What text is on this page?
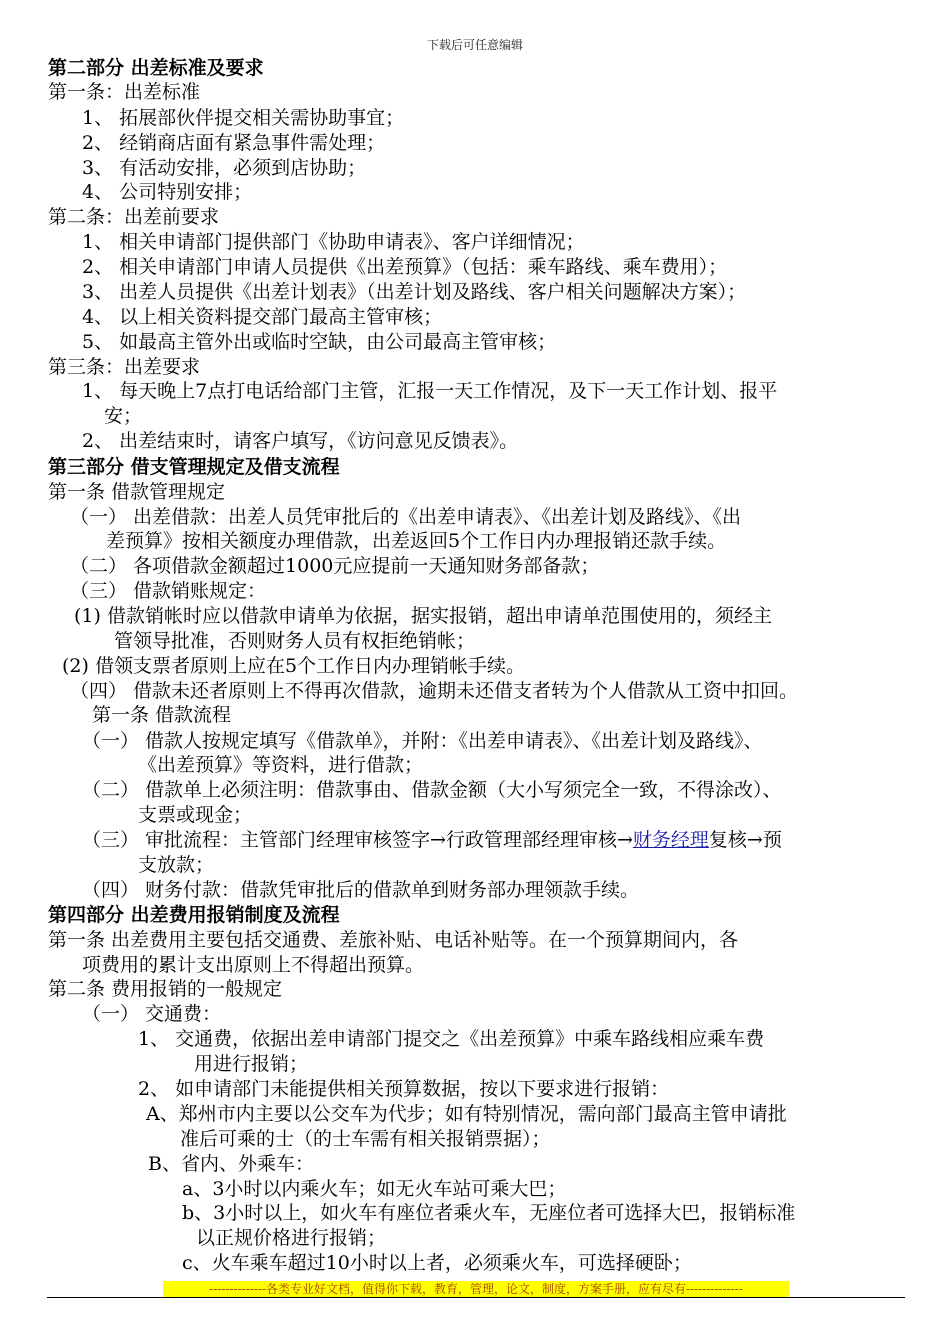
下载后可任意编辑
第二部分 出差标准及要求
第一条：出差标准
1、 拓展部伙伴提交相关需协助事宜；
2、 经销商店面有紧急事件需处理；
3、 有活动安排，必须到店协助；
4、 公司特别安排；
第二条：出差前要求
1、 相关申请部门提供部门《协助申请表》、客户详细情况；
2、 相关申请部门申请人员提供《出差预算》（包括：乘车路线、乘车费用）；
3、 出差人员提供《出差计划表》（出差计划及路线、客户相关问题解决方案）；
4、 以上相关资料提交部门最高主管审核；
5、 如最高主管外出或临时空缺，由公司最高主管审核；
第三条：出差要求
1、 每天晚上7点打电话给部门主管，汇报一天工作情况，及下一天工作计划、报平
安；
2、 出差结束时，请客户填写，《访问意见反馈表》。
第三部分 借支管理规定及借支流程
第一条 借款管理规定
（一） 出差借款：出差人员凭审批后的《出差申请表》、《出差计划及路线》、《出
差预算》按相关额度办理借款，出差返回5个工作日内办理报销还款手续。
（二） 各项借款金额超过1000元应提前一天通知财务部备款；
（三） 借款销账规定：
(1) 借款销帐时应以借款申请单为依据，据实报销，超出申请单范围使用的，须经主
管领导批准，否则财务人员有权拒绝销帐；
(2) 借领支票者原则上应在5个工作日内办理销帐手续。
（四） 借款未还者原则上不得再次借款，逾期未还借支者转为个人借款从工资中扣回。
第一条 借款流程
（一） 借款人按规定填写《借款单》，并附：《出差申请表》、《出差计划及路线》、
《出差预算》等资料，进行借款；
（二） 借款单上必须注明：借款事由、借款金额（大小写须完全一致，不得涂改）、
支票或现金；
（三） 审批流程：主管部门经理审核签字→行政管理部经理审核→财务经理复核→预
支放款；
（四） 财务付款：借款凭审批后的借款单到财务部办理领款手续。
第四部分 出差费用报销制度及流程
第一条 出差费用主要包括交通费、差旅补贴、电话补贴等。在一个预算期间内，各
项费用的累计支出原则上不得超出预算。
第二条 费用报销的一般规定
（一） 交通费：
1、 交通费，依据出差申请部门提交之《出差预算》中乘车路线相应乘车费
用进行报销；
2、 如申请部门未能提供相关预算数据，按以下要求进行报销：
A、郑州市内主要以公交车为代步；如有特别情况，需向部门最高主管申请批
准后可乘的士（的士车需有相关报销票据）；
B、省内、外乘车：
a、3小时以内乘火车；如无火车站可乘大巴；
b、3小时以上，如火车有座位者乘火车，无座位者可选择大巴，报销标准
以正规价格进行报销；
c、火车乘车超过10小时以上者，必须乘火车，可选择硬卧；
--------------各类专业好文档，值得你下载，教育，管理，论文，制度，方案手册，应有尽有--------------
